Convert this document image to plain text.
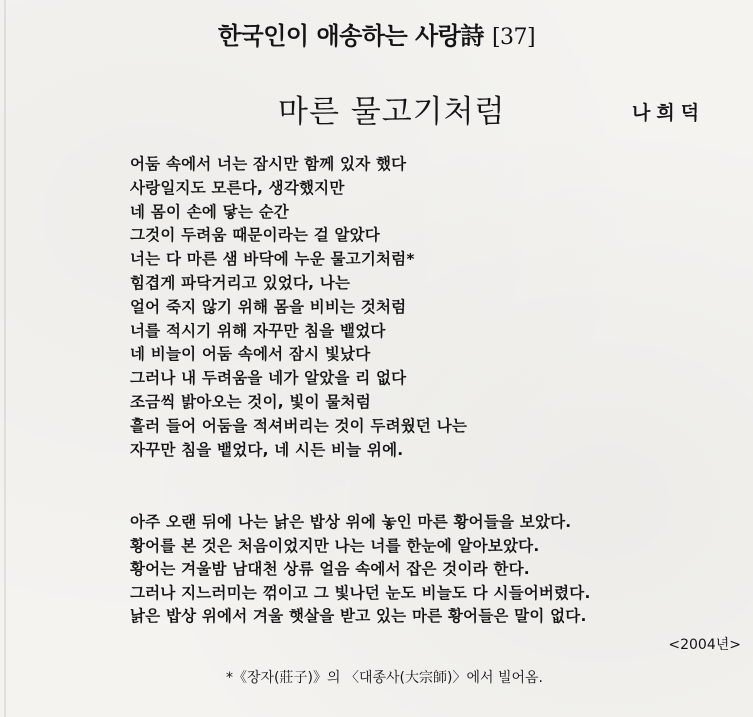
한국인이 애송하는 사랑詩 [37]
마른 물고기처럼	나희덕
어둠 속에서 너는 잠시만 함께 있자 했다
사랑일지도 모른다, 생각했지만
네 몸이 손에 닿는 순간
그것이 두려움 때문이라는 걸 알았다
너는 다 마른 샘 바닥에 누운 물고기처럼*
힘겹게 파닥거리고 있었다, 나는
얼어 죽지 않기 위해 몸을 비비는 것처럼
너를 적시기 위해 자꾸만 침을 뱉었다
네 비늘이 어둠 속에서 잠시 빛났다
그러나 내 두려움을 네가 알았을 리 없다
조금씩 밝아오는 것이, 빛이 물처럼
흘러 들어 어둠을 적셔버리는 것이 두려웠던 나는
자꾸만 침을 뱉었다, 네 시든 비늘 위에.
아주 오랜 뒤에 나는 낡은 밥상 위에 놓인 마른 황어들을 보았다.
황어를 본 것은 처음이었지만 나는 너를 한눈에 알아보았다.
황어는 겨울밤 남대천 상류 얼음 속에서 잡은 것이라 한다.
그러나 지느러미는 꺾이고 그 빛나던 눈도 비늘도 다 시들어버렸다.
낡은 밥상 위에서 겨울 햇살을 받고 있는 마른 황어들은 말이 없다.
<2004년>
*《장자(莊子)》의 〈대종사(大宗師)〉에서 빌어옴.
